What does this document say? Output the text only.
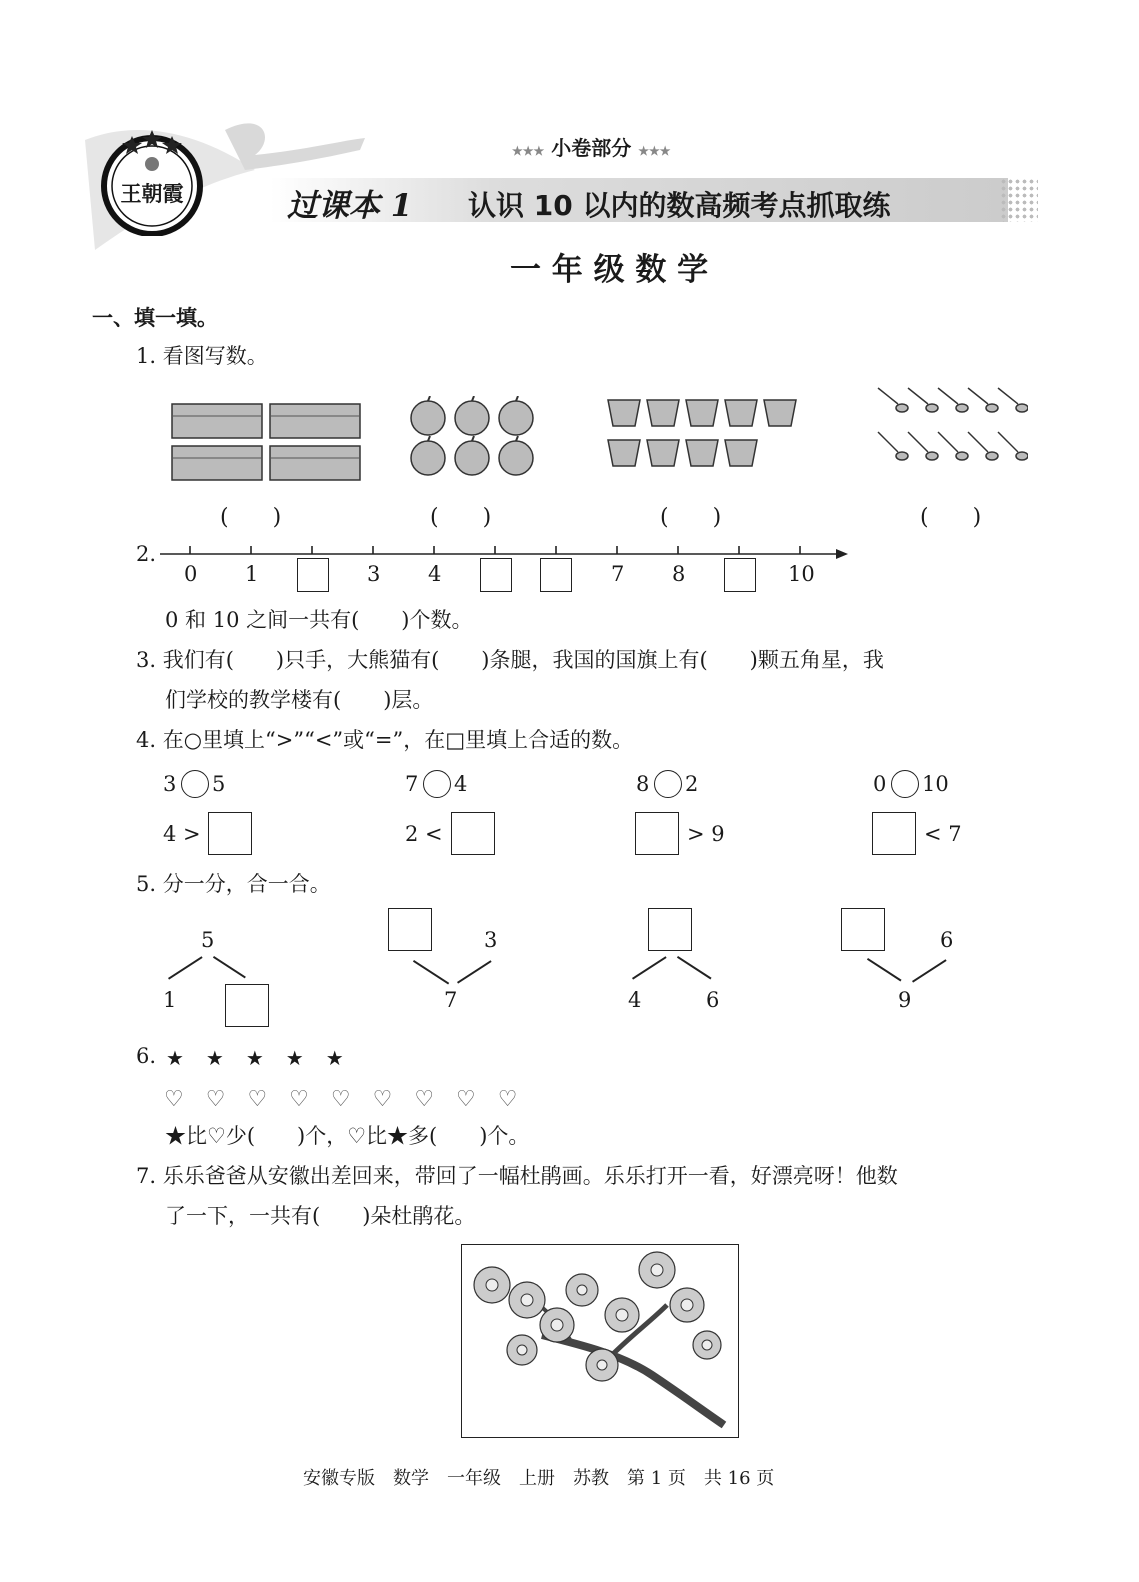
王朝霞
★★★ 小卷部分 ★★★
过课本 1 认识 10 以内的数高频考点抓取练
一 年 级 数 学
一、填一填。
1. 看图写数。
(　　)	(　　)	(　　)	(　　)
2.
0 1	3 4	7 8	10
0 和 10 之间一共有(　　)个数。
3. 我们有(　　)只手，大熊猫有(　　)条腿，我国的国旗上有(　　)颗五角星，我
们学校的教学楼有(　　)层。
4. 在○里填上“>”“<”或“=”，在□里填上合适的数。
3 5	7 4	8 2	0 10
4 >	2 <	> 9	< 7
5. 分一分，合一合。
5
1
3
7	4	6
6
9
6. ★　★　★　★　★
♡　♡　♡　♡　♡　♡　♡　♡　♡
★比♡少(　　)个，♡比★多(　　)个。
7. 乐乐爸爸从安徽出差回来，带回了一幅杜鹃画。乐乐打开一看，好漂亮呀！他数
了一下，一共有(　　)朵杜鹃花。
安徽专版　数学　一年级　上册　苏教　第 1 页　共 16 页
